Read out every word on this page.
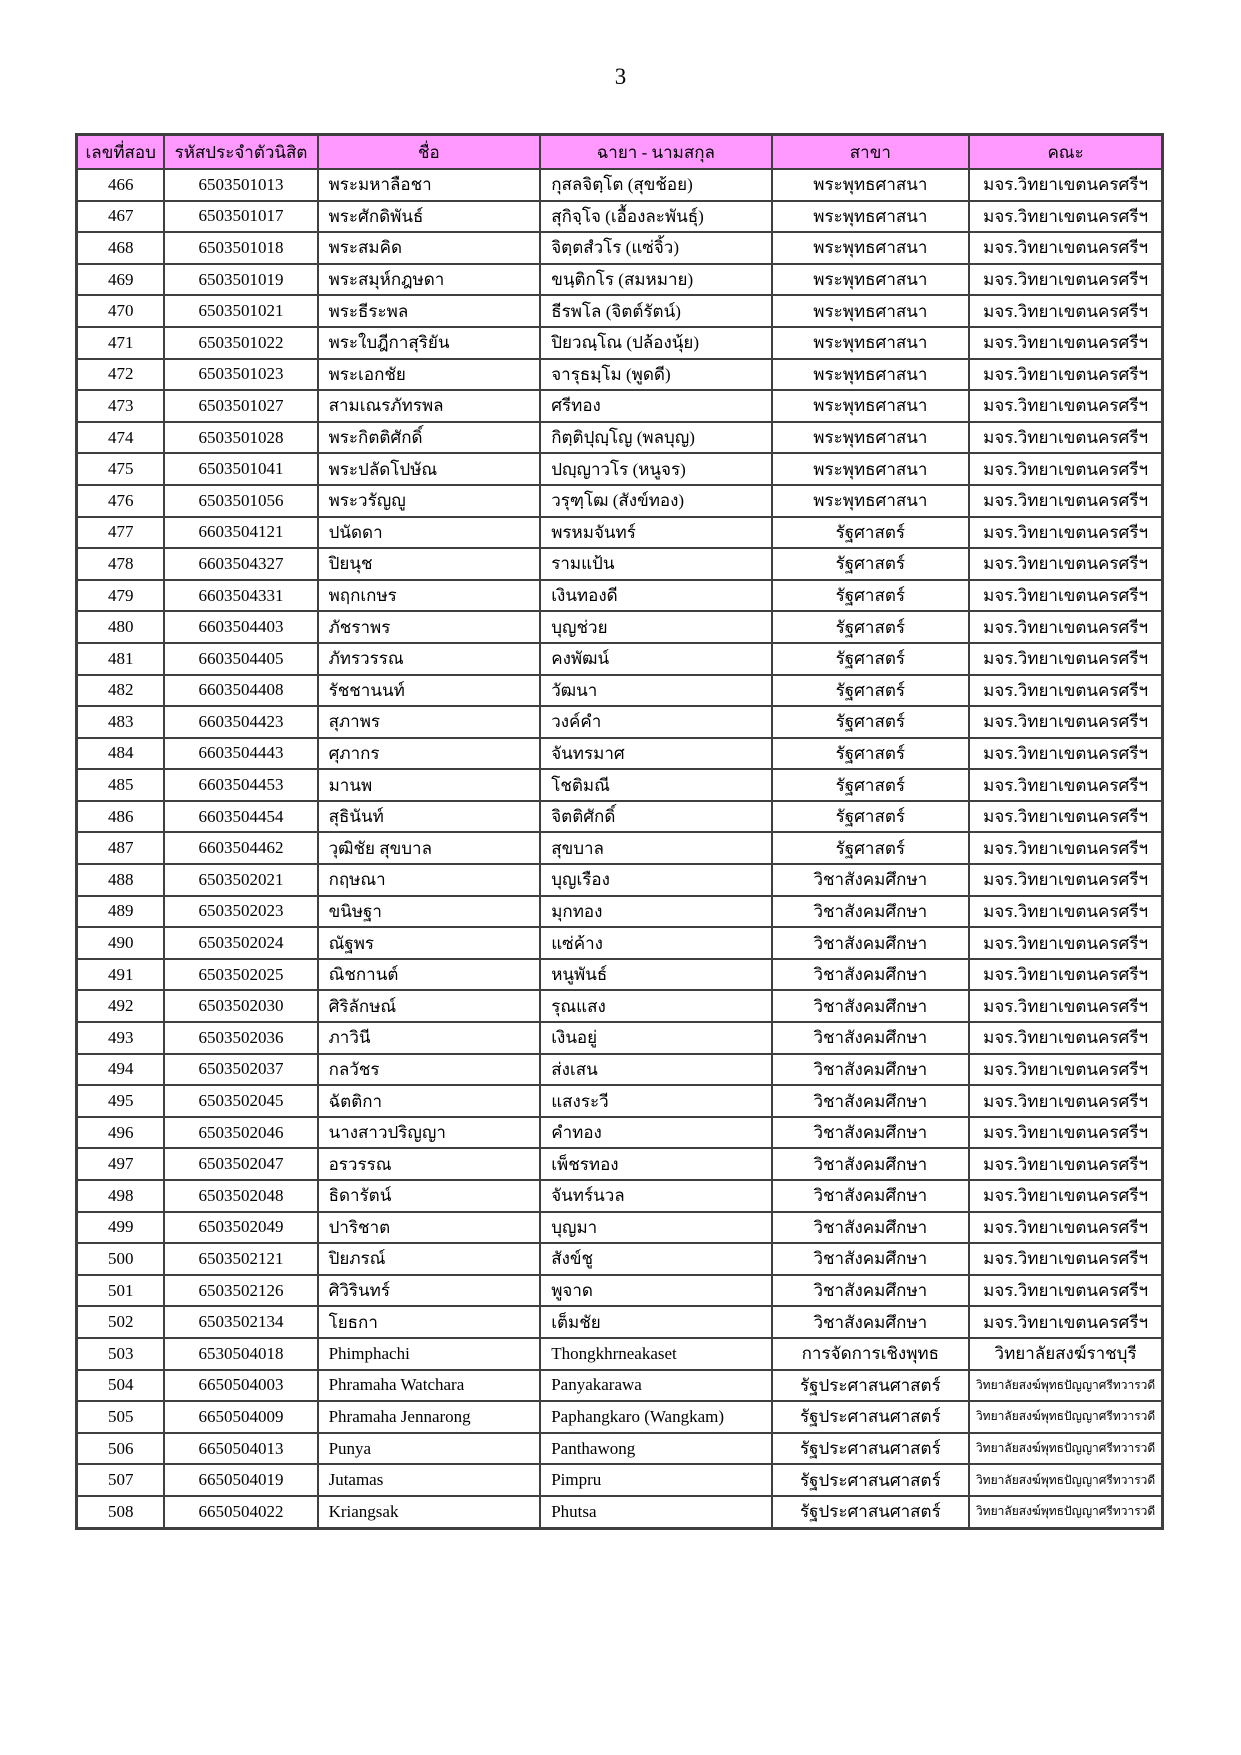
3
เลขที่สอบ	รหัสประจำตัวนิสิต	ชื่อ	ฉายา - นามสกุล	สาขา	คณะ
466	6503501013	พระมหาลือชา	กุสลจิตฺโต (สุขช้อย)	พระพุทธศาสนา	มจร.วิทยาเขตนครศรีฯ
467	6503501017	พระศักดิพันธ์	สุกิจฺโจ (เอื้องละพันธุ์)	พระพุทธศาสนา	มจร.วิทยาเขตนครศรีฯ
468	6503501018	พระสมคิด	จิตฺตสํวโร (แซ่จิ้ว)	พระพุทธศาสนา	มจร.วิทยาเขตนครศรีฯ
469	6503501019	พระสมุห์กฎษดา	ขนฺติกโร (สมหมาย)	พระพุทธศาสนา	มจร.วิทยาเขตนครศรีฯ
470	6503501021	พระธีระพล	ธีรพโล (จิตต์รัตน์)	พระพุทธศาสนา	มจร.วิทยาเขตนครศรีฯ
471	6503501022	พระใบฎีกาสุริยัน	ปิยวณฺโณ (ปล้องนุ้ย)	พระพุทธศาสนา	มจร.วิทยาเขตนครศรีฯ
472	6503501023	พระเอกชัย	จารุธมฺโม (พูดดี)	พระพุทธศาสนา	มจร.วิทยาเขตนครศรีฯ
473	6503501027	สามเณรภัทรพล	ศรีทอง	พระพุทธศาสนา	มจร.วิทยาเขตนครศรีฯ
474	6503501028	พระกิตติศักดิ์	กิตฺติปุญฺโญ (พลบุญ)	พระพุทธศาสนา	มจร.วิทยาเขตนครศรีฯ
475	6503501041	พระปลัดโปษัณ	ปญฺญาวโร (หนูจร)	พระพุทธศาสนา	มจร.วิทยาเขตนครศรีฯ
476	6503501056	พระวรัญญู	วรุฑฺโฒ (สังข์ทอง)	พระพุทธศาสนา	มจร.วิทยาเขตนครศรีฯ
477	6603504121	ปนัดดา	พรหมจันทร์	รัฐศาสตร์	มจร.วิทยาเขตนครศรีฯ
478	6603504327	ปิยนุช	รามแป้น	รัฐศาสตร์	มจร.วิทยาเขตนครศรีฯ
479	6603504331	พฤกเกษร	เงินทองดี	รัฐศาสตร์	มจร.วิทยาเขตนครศรีฯ
480	6603504403	ภัชราพร	บุญช่วย	รัฐศาสตร์	มจร.วิทยาเขตนครศรีฯ
481	6603504405	ภัทรวรรณ	คงพัฒน์	รัฐศาสตร์	มจร.วิทยาเขตนครศรีฯ
482	6603504408	รัชชานนท์	วัฒนา	รัฐศาสตร์	มจร.วิทยาเขตนครศรีฯ
483	6603504423	สุภาพร	วงค์คำ	รัฐศาสตร์	มจร.วิทยาเขตนครศรีฯ
484	6603504443	ศุภากร	จันทรมาศ	รัฐศาสตร์	มจร.วิทยาเขตนครศรีฯ
485	6603504453	มานพ	โชติมณี	รัฐศาสตร์	มจร.วิทยาเขตนครศรีฯ
486	6603504454	สุธินันท์	จิตติศักดิ์	รัฐศาสตร์	มจร.วิทยาเขตนครศรีฯ
487	6603504462	วุฒิชัย สุขบาล	สุขบาล	รัฐศาสตร์	มจร.วิทยาเขตนครศรีฯ
488	6503502021	กฤษณา	บุญเรือง	วิชาสังคมศึกษา	มจร.วิทยาเขตนครศรีฯ
489	6503502023	ขนิษฐา	มุกทอง	วิชาสังคมศึกษา	มจร.วิทยาเขตนครศรีฯ
490	6503502024	ณัฐพร	แซ่ค้าง	วิชาสังคมศึกษา	มจร.วิทยาเขตนครศรีฯ
491	6503502025	ณิชกานต์	หนูพันธ์	วิชาสังคมศึกษา	มจร.วิทยาเขตนครศรีฯ
492	6503502030	ศิริลักษณ์	รุณแสง	วิชาสังคมศึกษา	มจร.วิทยาเขตนครศรีฯ
493	6503502036	ภาวินี	เงินอยู่	วิชาสังคมศึกษา	มจร.วิทยาเขตนครศรีฯ
494	6503502037	กลวัชร	ส่งเสน	วิชาสังคมศึกษา	มจร.วิทยาเขตนครศรีฯ
495	6503502045	ฉัตติกา	แสงระวี	วิชาสังคมศึกษา	มจร.วิทยาเขตนครศรีฯ
496	6503502046	นางสาวปริญญา	คำทอง	วิชาสังคมศึกษา	มจร.วิทยาเขตนครศรีฯ
497	6503502047	อรวรรณ	เพ็ชรทอง	วิชาสังคมศึกษา	มจร.วิทยาเขตนครศรีฯ
498	6503502048	ธิดารัตน์	จันทร์นวล	วิชาสังคมศึกษา	มจร.วิทยาเขตนครศรีฯ
499	6503502049	ปาริชาต	บุญมา	วิชาสังคมศึกษา	มจร.วิทยาเขตนครศรีฯ
500	6503502121	ปิยภรณ์	สังข์ชู	วิชาสังคมศึกษา	มจร.วิทยาเขตนครศรีฯ
501	6503502126	ศิวิรินทร์	พูจาด	วิชาสังคมศึกษา	มจร.วิทยาเขตนครศรีฯ
502	6503502134	โยธกา	เต็มชัย	วิชาสังคมศึกษา	มจร.วิทยาเขตนครศรีฯ
503	6530504018	Phimphachi	Thongkhrneakaset	การจัดการเชิงพุทธ	วิทยาลัยสงฆ์ราชบุรี
504	6650504003	Phramaha Watchara	Panyakarawa	รัฐประศาสนศาสตร์	วิทยาลัยสงฆ์พุทธปัญญาศรีทวารวดี
505	6650504009	Phramaha Jennarong	Paphangkaro (Wangkam)	รัฐประศาสนศาสตร์	วิทยาลัยสงฆ์พุทธปัญญาศรีทวารวดี
506	6650504013	Punya	Panthawong	รัฐประศาสนศาสตร์	วิทยาลัยสงฆ์พุทธปัญญาศรีทวารวดี
507	6650504019	Jutamas	Pimpru	รัฐประศาสนศาสตร์	วิทยาลัยสงฆ์พุทธปัญญาศรีทวารวดี
508	6650504022	Kriangsak	Phutsa	รัฐประศาสนศาสตร์	วิทยาลัยสงฆ์พุทธปัญญาศรีทวารวดี
